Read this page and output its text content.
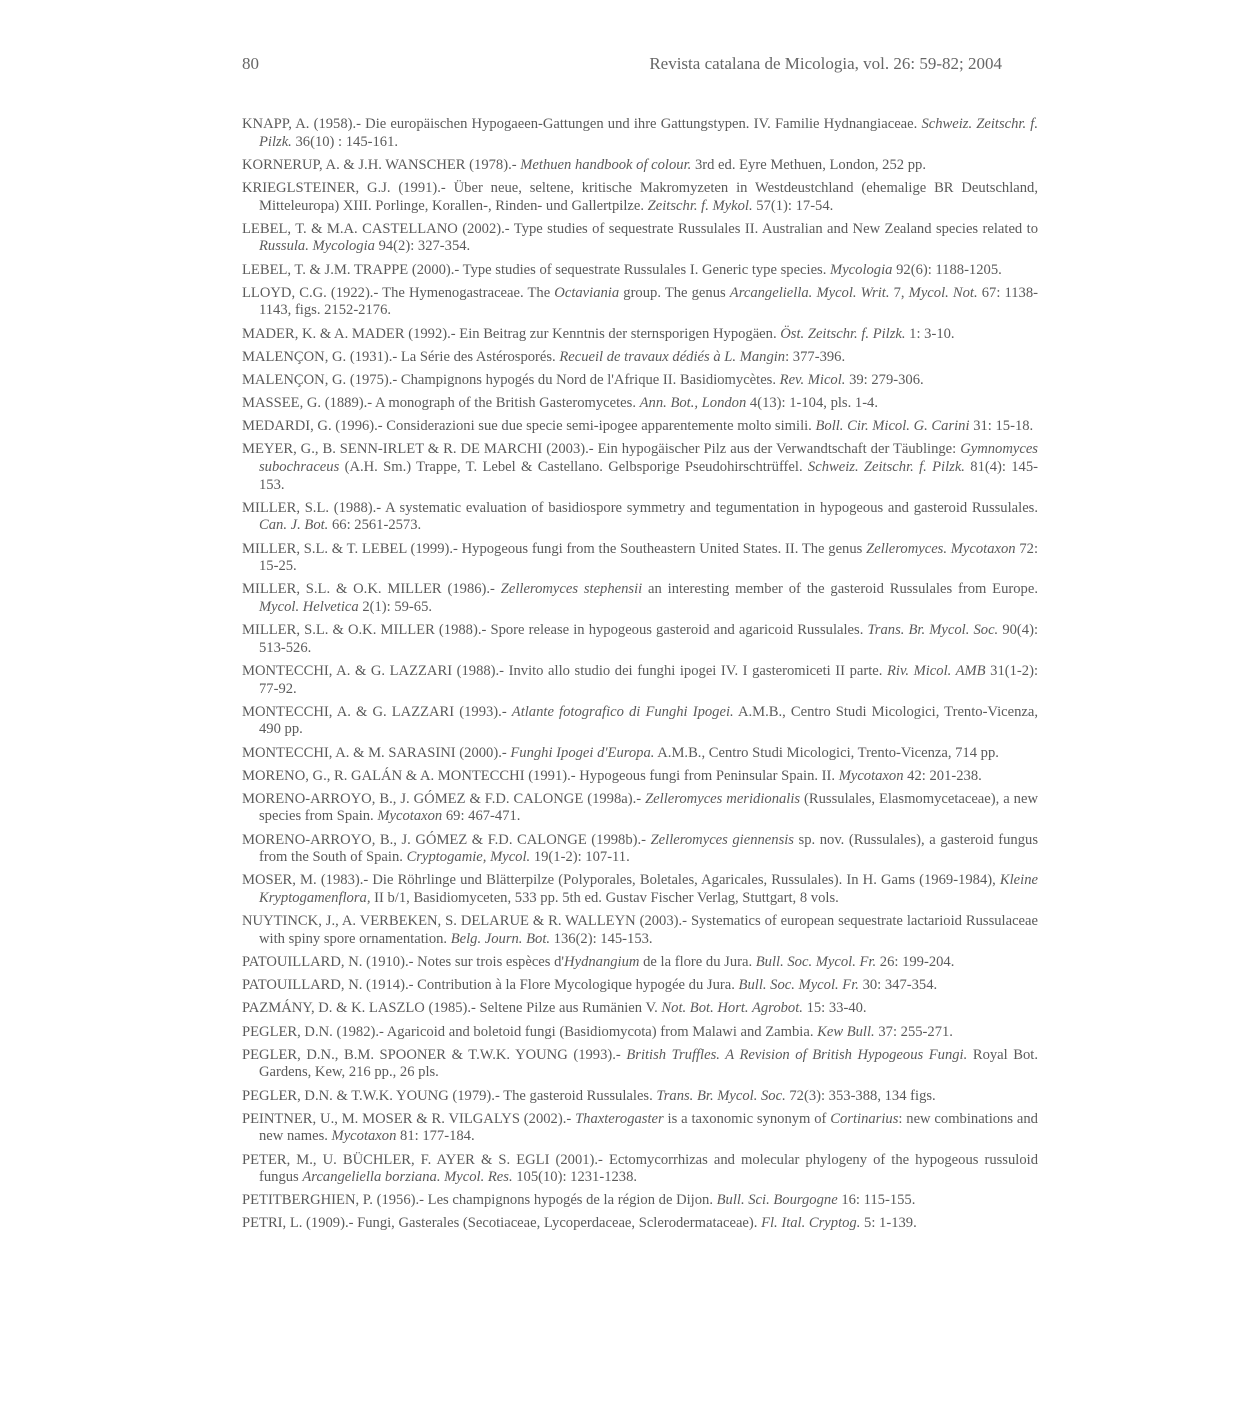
80	Revista catalana de Micologia, vol. 26: 59-82; 2004

KNAPP, A. (1958).- Die europäischen Hypogaeen-Gattungen und ihre Gattungstypen. IV. Familie Hydnangiaceae. Schweiz. Zeitschr. f. Pilzk. 36(10) : 145-161.

KORNERUP, A. & J.H. WANSCHER (1978).- Methuen handbook of colour. 3rd ed. Eyre Methuen, London, 252 pp.

KRIEGLSTEINER, G.J. (1991).- Über neue, seltene, kritische Makromyzeten in Westdeustchland (ehemalige BR Deutschland, Mitteleuropa) XIII. Porlinge, Korallen-, Rinden- und Gallertpilze. Zeitschr. f. Mykol. 57(1): 17-54.

LEBEL, T. & M.A. CASTELLANO (2002).- Type studies of sequestrate Russulales II. Australian and New Zealand species related to Russula. Mycologia 94(2): 327-354.

LEBEL, T. & J.M. TRAPPE (2000).- Type studies of sequestrate Russulales I. Generic type species. Mycologia 92(6): 1188-1205.

LLOYD, C.G. (1922).- The Hymenogastraceae. The Octaviania group. The genus Arcangeliella. Mycol. Writ. 7, Mycol. Not. 67: 1138-1143, figs. 2152-2176.

MADER, K. & A. MADER (1992).- Ein Beitrag zur Kenntnis der sternsporigen Hypogäen. Öst. Zeitschr. f. Pilzk. 1: 3-10.

MALENÇON, G. (1931).- La Série des Astérosporés. Recueil de travaux dédiés à L. Mangin: 377-396.

MALENÇON, G. (1975).- Champignons hypogés du Nord de l'Afrique II. Basidiomycètes. Rev. Micol. 39: 279-306.

MASSEE, G. (1889).- A monograph of the British Gasteromycetes. Ann. Bot., London 4(13): 1-104, pls. 1-4.

MEDARDI, G. (1996).- Considerazioni sue due specie semi-ipogee apparentemente molto simili. Boll. Cir. Micol. G. Carini 31: 15-18.

MEYER, G., B. SENN-IRLET & R. DE MARCHI (2003).- Ein hypogäischer Pilz aus der Verwandtschaft der Täublinge: Gymnomyces subochraceus (A.H. Sm.) Trappe, T. Lebel & Castellano. Gelbsporige Pseudohirschtrüffel. Schweiz. Zeitschr. f. Pilzk. 81(4): 145-153.

MILLER, S.L. (1988).- A systematic evaluation of basidiospore symmetry and tegumentation in hypogeous and gasteroid Russulales. Can. J. Bot. 66: 2561-2573.

MILLER, S.L. & T. LEBEL (1999).- Hypogeous fungi from the Southeastern United States. II. The genus Zelleromyces. Mycotaxon 72: 15-25.

MILLER, S.L. & O.K. MILLER (1986).- Zelleromyces stephensii an interesting member of the gasteroid Russulales from Europe. Mycol. Helvetica 2(1): 59-65.

MILLER, S.L. & O.K. MILLER (1988).- Spore release in hypogeous gasteroid and agaricoid Russulales. Trans. Br. Mycol. Soc. 90(4): 513-526.

MONTECCHI, A. & G. LAZZARI (1988).- Invito allo studio dei funghi ipogei IV. I gasteromiceti II parte. Riv. Micol. AMB 31(1-2): 77-92.

MONTECCHI, A. & G. LAZZARI (1993).- Atlante fotografico di Funghi Ipogei. A.M.B., Centro Studi Micologici, Trento-Vicenza, 490 pp.

MONTECCHI, A. & M. SARASINI (2000).- Funghi Ipogei d'Europa. A.M.B., Centro Studi Micologici, Trento-Vicenza, 714 pp.

MORENO, G., R. GALÁN & A. MONTECCHI (1991).- Hypogeous fungi from Peninsular Spain. II. Mycotaxon 42: 201-238.

MORENO-ARROYO, B., J. GÓMEZ & F.D. CALONGE (1998a).- Zelleromyces meridionalis (Russulales, Elasmomycetaceae), a new species from Spain. Mycotaxon 69: 467-471.

MORENO-ARROYO, B., J. GÓMEZ & F.D. CALONGE (1998b).- Zelleromyces giennensis sp. nov. (Russulales), a gasteroid fungus from the South of Spain. Cryptogamie, Mycol. 19(1-2): 107-11.

MOSER, M. (1983).- Die Röhrlinge und Blätterpilze (Polyporales, Boletales, Agaricales, Russulales). In H. Gams (1969-1984), Kleine Kryptogamenflora, II b/1, Basidiomyceten, 533 pp. 5th ed. Gustav Fischer Verlag, Stuttgart, 8 vols.

NUYTINCK, J., A. VERBEKEN, S. DELARUE & R. WALLEYN (2003).- Systematics of european sequestrate lactarioid Russulaceae with spiny spore ornamentation. Belg. Journ. Bot. 136(2): 145-153.

PATOUILLARD, N. (1910).- Notes sur trois espèces d'Hydnangium de la flore du Jura. Bull. Soc. Mycol. Fr. 26: 199-204.

PATOUILLARD, N. (1914).- Contribution à la Flore Mycologique hypogée du Jura. Bull. Soc. Mycol. Fr. 30: 347-354.

PAZMÁNY, D. & K. LASZLO (1985).- Seltene Pilze aus Rumänien V. Not. Bot. Hort. Agrobot. 15: 33-40.

PEGLER, D.N. (1982).- Agaricoid and boletoid fungi (Basidiomycota) from Malawi and Zambia. Kew Bull. 37: 255-271.

PEGLER, D.N., B.M. SPOONER & T.W.K. YOUNG (1993).- British Truffles. A Revision of British Hypogeous Fungi. Royal Bot. Gardens, Kew, 216 pp., 26 pls.

PEGLER, D.N. & T.W.K. YOUNG (1979).- The gasteroid Russulales. Trans. Br. Mycol. Soc. 72(3): 353-388, 134 figs.

PEINTNER, U., M. MOSER & R. VILGALYS (2002).- Thaxterogaster is a taxonomic synonym of Cortinarius: new combinations and new names. Mycotaxon 81: 177-184.

PETER, M., U. BÜCHLER, F. AYER & S. EGLI (2001).- Ectomycorrhizas and molecular phylogeny of the hypogeous russuloid fungus Arcangeliella borziana. Mycol. Res. 105(10): 1231-1238.

PETITBERGHIEN, P. (1956).- Les champignons hypogés de la région de Dijon. Bull. Sci. Bourgogne 16: 115-155.

PETRI, L. (1909).- Fungi, Gasterales (Secotiaceae, Lycoperdaceae, Sclerodermataceae). Fl. Ital. Cryptog. 5: 1-139.
